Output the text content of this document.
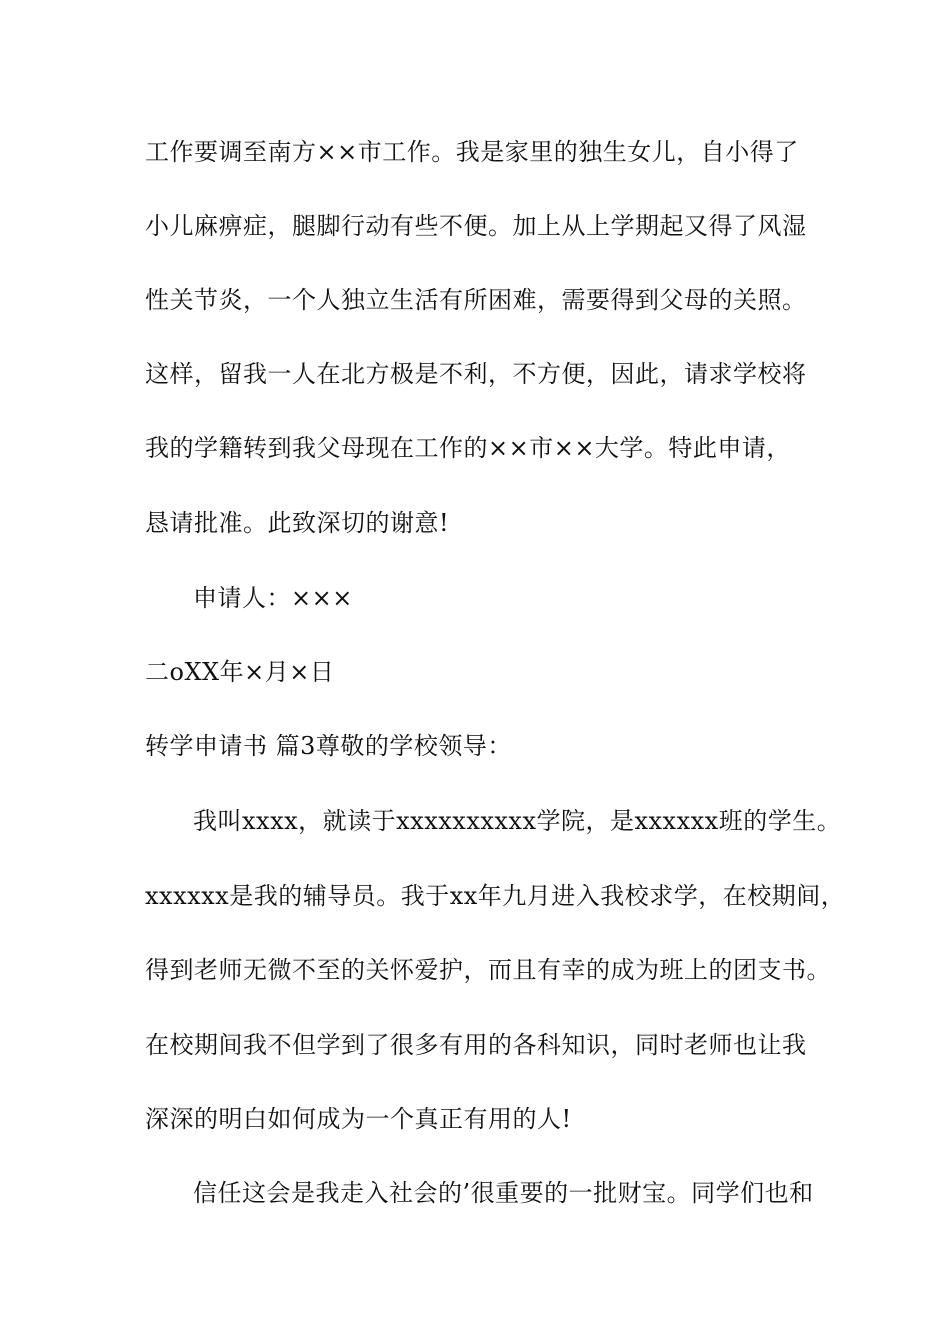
工作要调至南方××市工作。我是家里的独生女儿，自小得了
小儿麻痹症，腿脚行动有些不便。加上从上学期起又得了风湿
性关节炎，一个人独立生活有所困难，需要得到父母的关照。
这样，留我一人在北方极是不利，不方便，因此，请求学校将
我的学籍转到我父母现在工作的××市××大学。特此申请，
恳请批准。此致深切的谢意!
申请人：×××
二oXX年×月×日
转学申请书 篇3尊敬的学校领导：
我叫xxxx，就读于xxxxxxxxxx学院，是xxxxxx班的学生。
xxxxxx是我的辅导员。我于xx年九月进入我校求学，在校期间，
得到老师无微不至的关怀爱护，而且有幸的成为班上的团支书。
在校期间我不但学到了很多有用的各科知识，同时老师也让我
深深的明白如何成为一个真正有用的人!
信任这会是我走入社会的’很重要的一批财宝。同学们也和
